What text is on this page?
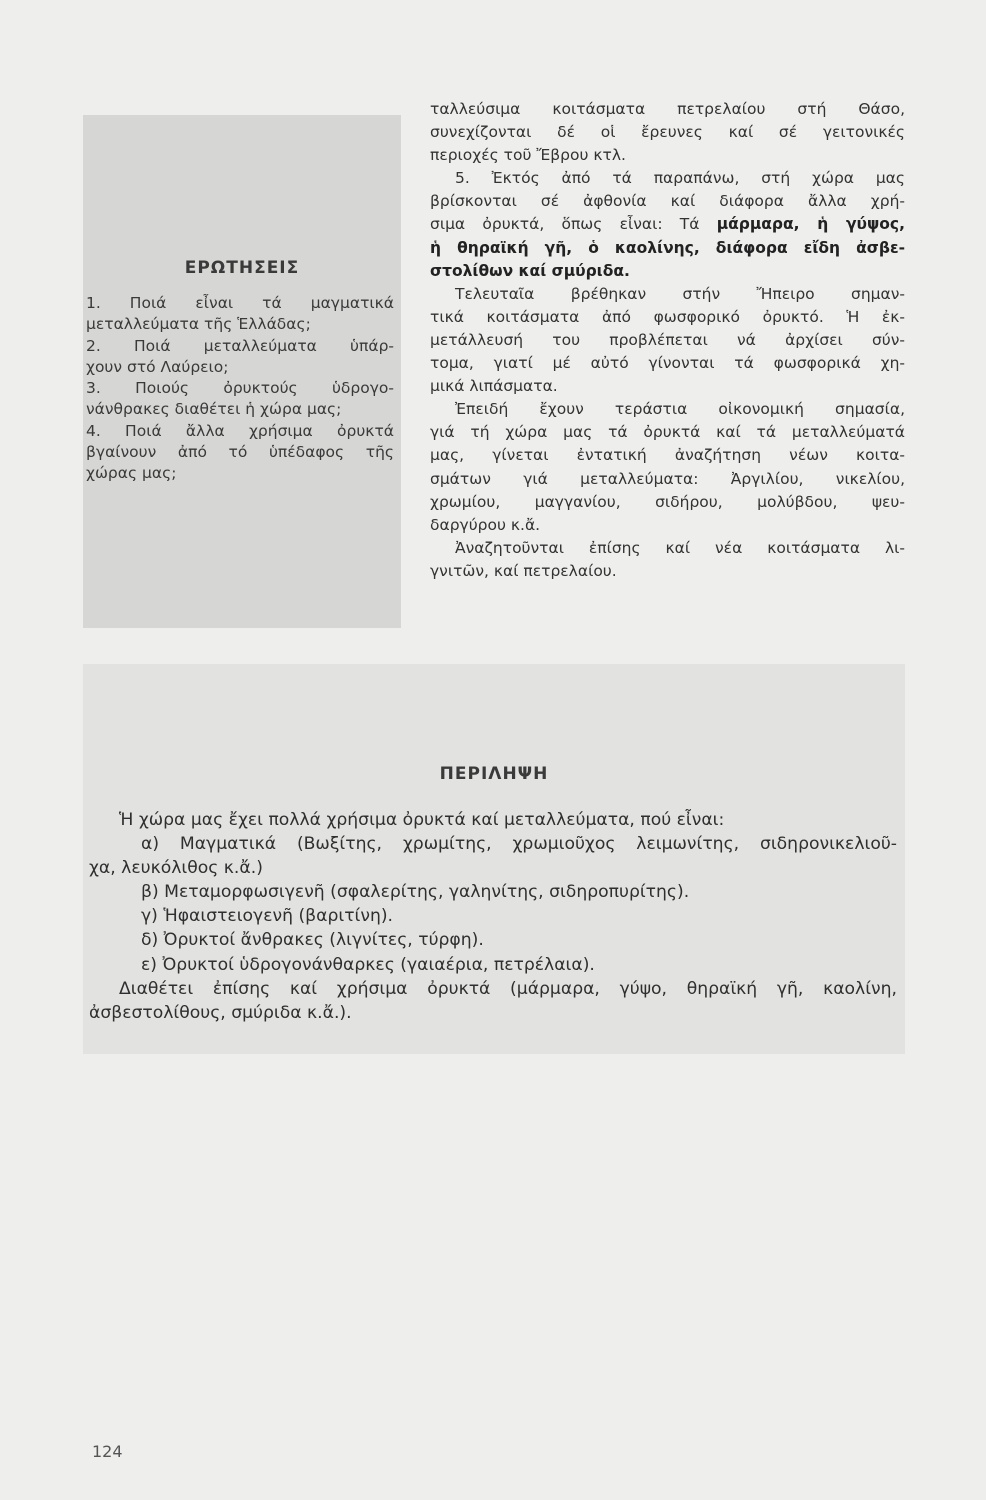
ΕΡΩΤΗΣΕΙΣ
1. Ποιά εἶναι τά μαγματικά
μεταλλεύματα τῆς Ἑλλάδας;
2. Ποιά μεταλλεύματα ὑπάρ-
χουν στό Λαύρειο;
3. Ποιούς ὀρυκτούς ὑδρογο-
νάνθρακες διαθέτει ἡ χώρα μας;
4. Ποιά ἄλλα χρήσιμα ὀρυκτά
βγαίνουν ἀπό τό ὑπέδαφος τῆς
χώρας μας;
ταλλεύσιμα κοιτάσματα πετρελαίου στή Θάσο,
συνεχίζονται δέ οἱ ἔρευνες καί σέ γειτονικές
περιοχές τοῦ Ἔβρου κτλ.
5. Ἐκτός ἀπό τά παραπάνω, στή χώρα μας
βρίσκονται σέ ἀφθονία καί διάφορα ἄλλα χρή-
σιμα ὀρυκτά, ὅπως εἶναι: Τά μάρμαρα, ἡ γύψος,
ἡ θηραϊκή γῆ, ὁ καολίνης, διάφορα εἴδη ἀσβε-
στολίθων καί σμύριδα.
Τελευταῖα βρέθηκαν στήν Ἤπειρο σημαν-
τικά κοιτάσματα ἀπό φωσφορικό ὀρυκτό. Ἡ ἐκ-
μετάλλευσή του προβλέπεται νά ἀρχίσει σύν-
τομα, γιατί μέ αὐτό γίνονται τά φωσφορικά χη-
μικά λιπάσματα.
Ἐπειδή ἔχουν τεράστια οἰκονομική σημασία,
γιά τή χώρα μας τά ὀρυκτά καί τά μεταλλεύματά
μας, γίνεται ἐντατική ἀναζήτηση νέων κοιτα-
σμάτων γιά μεταλλεύματα: Ἀργιλίου, νικελίου,
χρωμίου, μαγγανίου, σιδήρου, μολύβδου, ψευ-
δαργύρου κ.ἄ.
Ἀναζητοῦνται ἐπίσης καί νέα κοιτάσματα λι-
γνιτῶν, καί πετρελαίου.
ΠΕΡΙΛΗΨΗ
Ἡ χώρα μας ἔχει πολλά χρήσιμα ὀρυκτά καί μεταλλεύματα, πού εἶναι:
α) Μαγματικά (Βωξίτης, χρωμίτης, χρωμιοῦχος λειμωνίτης, σιδηρονικελιοῦ-
χα, λευκόλιθος κ.ἄ.)
β) Μεταμορφωσιγενῆ (σφαλερίτης, γαληνίτης, σιδηροπυρίτης).
γ) Ἡφαιστειογενῆ (βαριτίνη).
δ) Ὀρυκτοί ἄνθρακες (λιγνίτες, τύρφη).
ε) Ὀρυκτοί ὑδρογονάνθαρκες (γαιαέρια, πετρέλαια).
Διαθέτει ἐπίσης καί χρήσιμα ὀρυκτά (μάρμαρα, γύψο, θηραϊκή γῆ, καολίνη,
ἀσβεστολίθους, σμύριδα κ.ἄ.).
124
